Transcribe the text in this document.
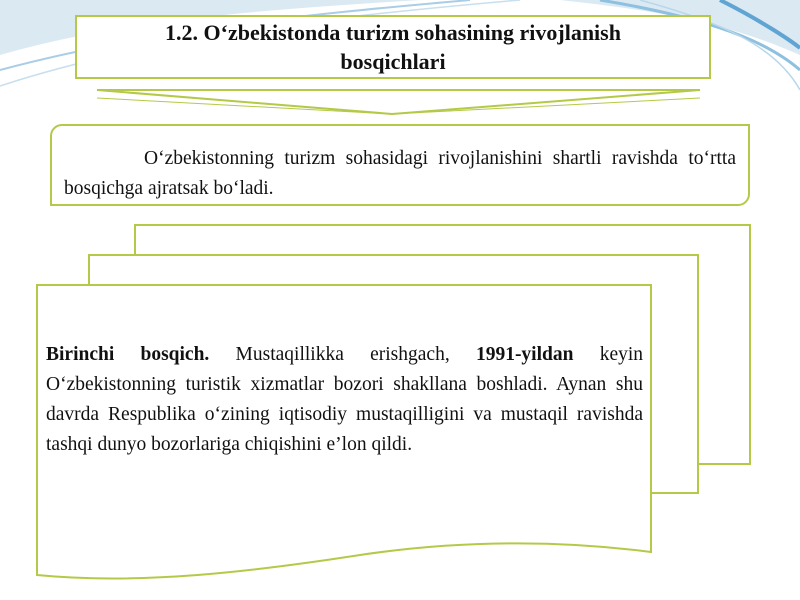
1.2. O‘zbekistonda turizm sohasining rivojlanish bosqichlari
O‘zbekistonning turizm sohasidagi rivojlanishini shartli ravishda to‘rtta bosqichga ajratsak bo‘ladi.
Birinchi bosqich. Mustaqillikka erishgach, 1991-yildan keyin O‘zbekistonning turistik xizmatlar bozori shakllana boshladi. Aynan shu davrda Respublika o‘zining iqtisodiy mustaqilligini va mustaqil ravishda tashqi dunyo bozorlariga chiqishini e’lon qildi.
